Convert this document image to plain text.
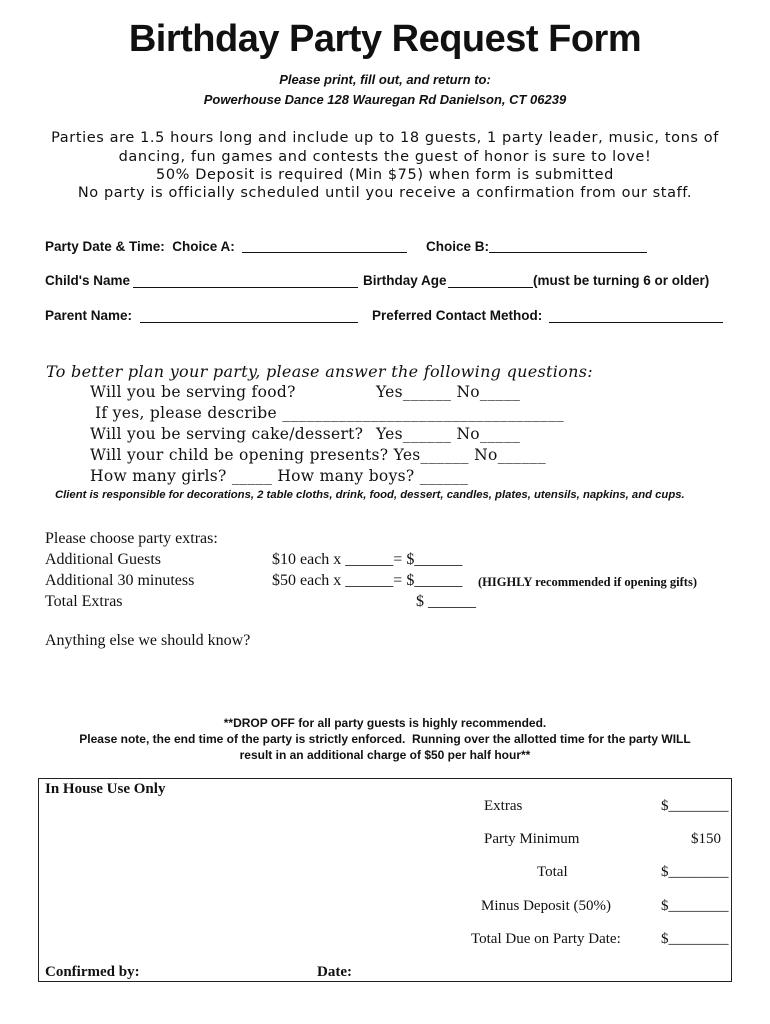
Birthday Party Request Form
Please print, fill out, and return to:
Powerhouse Dance 128 Wauregan Rd Danielson, CT 06239
Parties are 1.5 hours long and include up to 18 guests, 1 party leader, music, tons of
dancing, fun games and contests the guest of honor is sure to love!
50% Deposit is required (Min $75) when form is submitted
No party is officially scheduled until you receive a confirmation from our staff.
Party Date & Time:  Choice A:	Choice B:
Child's Name	Birthday Age	(must be turning 6 or older)
Parent Name:	Preferred Contact Method:
To better plan your party, please answer the following questions:
Will you be serving food?	Yes______ No_____
If yes, please describe ___________________________________
Will you be serving cake/dessert? Yes______ No_____
Will your child be opening presents? Yes______ No______
How many girls? _____ How many boys? ______
Client is responsible for decorations, 2 table cloths, drink, food, dessert, candles, plates, utensils, napkins, and cups.
Please choose party extras:
Additional Guests	$10 each x ______= $______
Additional 30 minutess	$50 each x ______= $______ (HIGHLY recommended if opening gifts)
Total Extras	$ ______
Anything else we should know?
**DROP OFF for all party guests is highly recommended.
Please note, the end time of the party is strictly enforced.  Running over the allotted time for the party WILL
result in an additional charge of $50 per half hour**
In House Use Only
Extras	$________
Party Minimum	$150
Total	$________
Minus Deposit (50%)	$________
Total Due on Party Date:	$________
Confirmed by:	Date:
